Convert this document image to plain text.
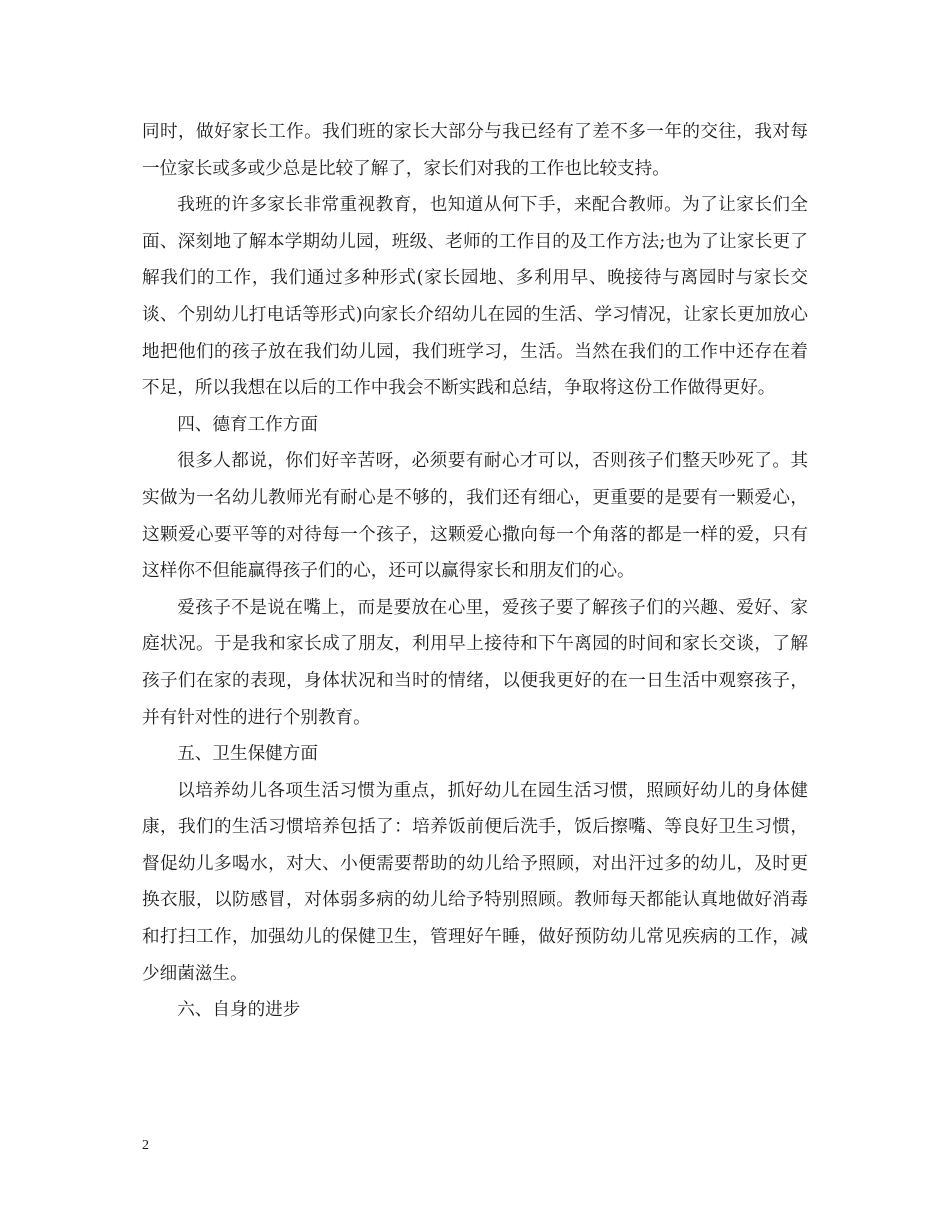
同时，做好家长工作。我们班的家长大部分与我已经有了差不多一年的交往，我对每一位家长或多或少总是比较了解了，家长们对我的工作也比较支持。

我班的许多家长非常重视教育，也知道从何下手，来配合教师。为了让家长们全面、深刻地了解本学期幼儿园，班级、老师的工作目的及工作方法;也为了让家长更了解我们的工作，我们通过多种形式(家长园地、多利用早、晚接待与离园时与家长交谈、个别幼儿打电话等形式)向家长介绍幼儿在园的生活、学习情况，让家长更加放心地把他们的孩子放在我们幼儿园，我们班学习，生活。当然在我们的工作中还存在着不足，所以我想在以后的工作中我会不断实践和总结，争取将这份工作做得更好。

四、德育工作方面

很多人都说，你们好辛苦呀，必须要有耐心才可以，否则孩子们整天吵死了。其实做为一名幼儿教师光有耐心是不够的，我们还有细心，更重要的是要有一颗爱心，这颗爱心要平等的对待每一个孩子，这颗爱心撒向每一个角落的都是一样的爱，只有这样你不但能赢得孩子们的心，还可以赢得家长和朋友们的心。

爱孩子不是说在嘴上，而是要放在心里，爱孩子要了解孩子们的兴趣、爱好、家庭状况。于是我和家长成了朋友，利用早上接待和下午离园的时间和家长交谈，了解孩子们在家的表现，身体状况和当时的情绪，以便我更好的在一日生活中观察孩子，并有针对性的进行个别教育。

五、卫生保健方面

以培养幼儿各项生活习惯为重点，抓好幼儿在园生活习惯，照顾好幼儿的身体健康，我们的生活习惯培养包括了：培养饭前便后洗手，饭后擦嘴、等良好卫生习惯，督促幼儿多喝水，对大、小便需要帮助的幼儿给予照顾，对出汗过多的幼儿，及时更换衣服，以防感冒，对体弱多病的幼儿给予特别照顾。教师每天都能认真地做好消毒和打扫工作，加强幼儿的保健卫生，管理好午睡，做好预防幼儿常见疾病的工作，减少细菌滋生。

六、自身的进步

2
